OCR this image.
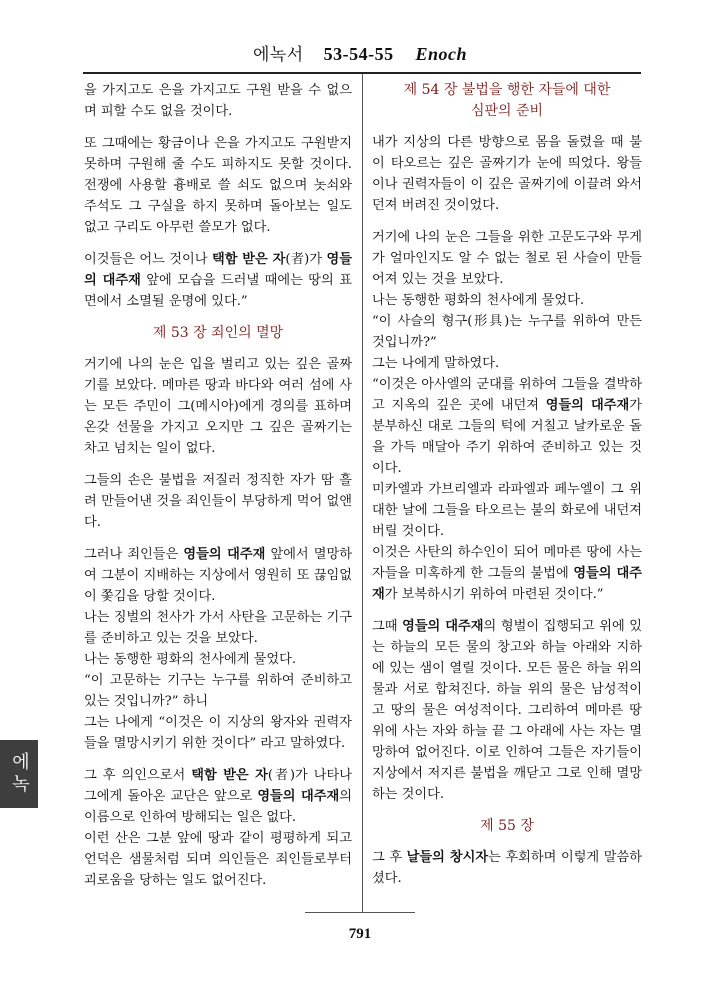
에녹서 53-54-55 Enoch

을 가지고도 은을 가지고도 구원 받을 수 없으며 피할 수도 없을 것이다.

또 그때에는 황금이나 은을 가지고도 구원받지 못하며 구원해 줄 수도 피하지도 못할 것이다. 전쟁에 사용할 흉배로 쓸 쇠도 없으며 놋쇠와 주석도 그 구실을 하지 못하며 돌아보는 일도 없고 구리도 아무런 쓸모가 없다.

이것들은 어느 것이나 택함 받은 자(者)가 영들의 대주재 앞에 모습을 드러낼 때에는 땅의 표면에서 소멸될 운명에 있다.”

제 53 장 죄인의 멸망

거기에 나의 눈은 입을 벌리고 있는 깊은 골짜기를 보았다. 메마른 땅과 바다와 여러 섬에 사는 모든 주민이 그(메시아)에게 경의를 표하며 온갖 선물을 가지고 오지만 그 깊은 골짜기는 차고 넘치는 일이 없다.

그들의 손은 불법을 저질러 정직한 자가 땀 흘려 만들어낸 것을 죄인들이 부당하게 먹어 없앤다.

그러나 죄인들은 영들의 대주재 앞에서 멸망하여 그분이 지배하는 지상에서 영원히 또 끊임없이 쫓김을 당할 것이다.

나는 징벌의 천사가 가서 사탄을 고문하는 기구를 준비하고 있는 것을 보았다.

나는 동행한 평화의 천사에게 물었다.

“이 고문하는 기구는 누구를 위하여 준비하고 있는 것입니까?” 하니

그는 나에게 “이것은 이 지상의 왕자와 권력자들을 멸망시키기 위한 것이다” 라고 말하였다.

그 후 의인으로서 택함 받은 자(者)가 나타나 그에게 돌아온 교단은 앞으로 영들의 대주재의 이름으로 인하여 방해되는 일은 없다.

이런 산은 그분 앞에 땅과 같이 평평하게 되고 언덕은 샘물처럼 되며 의인들은 죄인들로부터 괴로움을 당하는 일도 없어진다.

제 54 장 불법을 행한 자들에 대한
심판의 준비

내가 지상의 다른 방향으로 몸을 돌렸을 때 불이 타오르는 깊은 골짜기가 눈에 띄었다. 왕들이나 권력자들이 이 깊은 골짜기에 이끌려 와서 던져 버려진 것이었다.

거기에 나의 눈은 그들을 위한 고문도구와 무게가 얼마인지도 알 수 없는 철로 된 사슬이 만들어져 있는 것을 보았다.

나는 동행한 평화의 천사에게 물었다.

“이 사슬의 형구(形具)는 누구를 위하여 만든 것입니까?”

그는 나에게 말하였다.

“이것은 아사엘의 군대를 위하여 그들을 결박하고 지옥의 깊은 곳에 내던져 영들의 대주재가 분부하신 대로 그들의 턱에 거칠고 날카로운 돌을 가득 매달아 주기 위하여 준비하고 있는 것이다.

미카엘과 가브리엘과 라파엘과 페누엘이 그 위대한 날에 그들을 타오르는 불의 화로에 내던져 버릴 것이다.

이것은 사탄의 하수인이 되어 메마른 땅에 사는 자들을 미혹하게 한 그들의 불법에 영들의 대주재가 보복하시기 위하여 마련된 것이다.”

그때 영들의 대주재의 형벌이 집행되고 위에 있는 하늘의 모든 물의 창고와 하늘 아래와 지하에 있는 샘이 열릴 것이다. 모든 물은 하늘 위의 물과 서로 합쳐진다. 하늘 위의 물은 남성적이고 땅의 물은 여성적이다. 그리하여 메마른 땅 위에 사는 자와 하늘 끝 그 아래에 사는 자는 멸망하여 없어진다. 이로 인하여 그들은 자기들이 지상에서 저지른 불법을 깨닫고 그로 인해 멸망하는 것이다.

제 55 장

그 후 날들의 창시자는 후회하며 이렇게 말씀하셨다.

791
에녹
